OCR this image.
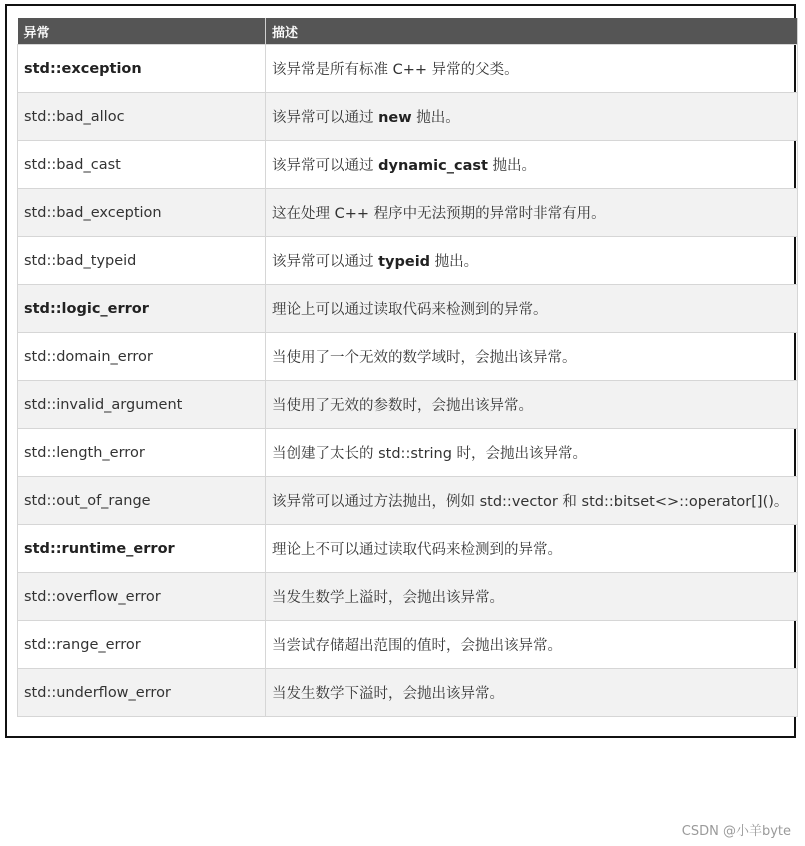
异常	描述
std::exception	该异常是所有标准 C++ 异常的父类。
std::bad_alloc	该异常可以通过 new 抛出。
std::bad_cast	该异常可以通过 dynamic_cast 抛出。
std::bad_exception	这在处理 C++ 程序中无法预期的异常时非常有用。
std::bad_typeid	该异常可以通过 typeid 抛出。
std::logic_error	理论上可以通过读取代码来检测到的异常。
std::domain_error	当使用了一个无效的数学域时，会抛出该异常。
std::invalid_argument	当使用了无效的参数时，会抛出该异常。
std::length_error	当创建了太长的 std::string 时，会抛出该异常。
std::out_of_range	该异常可以通过方法抛出，例如 std::vector 和 std::bitset<>::operator[]()。
std::runtime_error	理论上不可以通过读取代码来检测到的异常。
std::overflow_error	当发生数学上溢时，会抛出该异常。
std::range_error	当尝试存储超出范围的值时，会抛出该异常。
std::underflow_error	当发生数学下溢时，会抛出该异常。
CSDN @小羊byte
